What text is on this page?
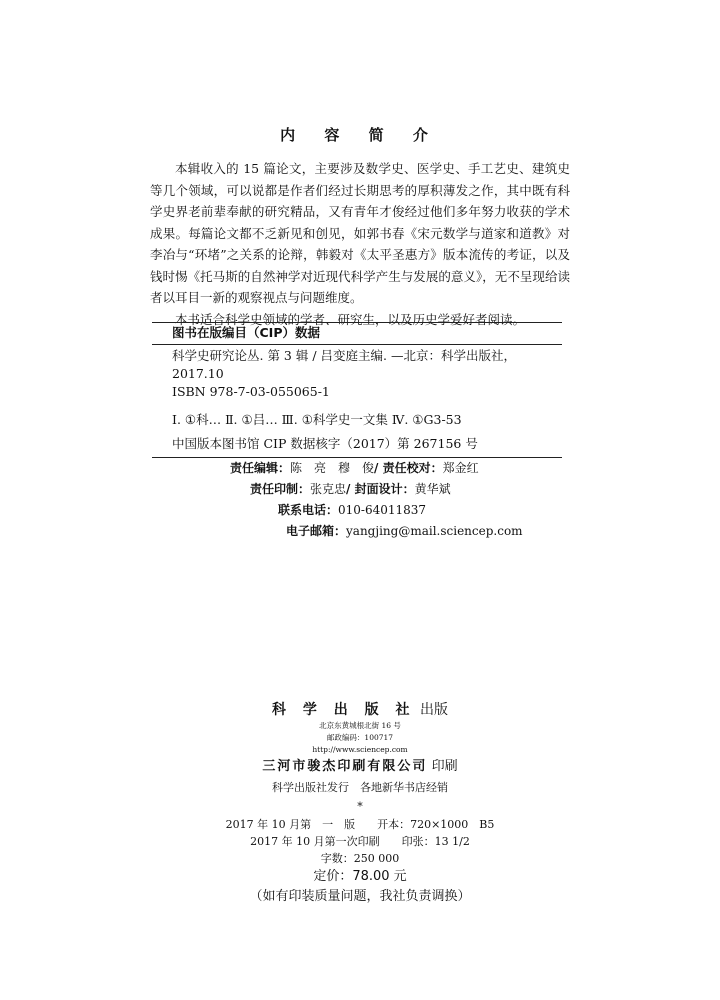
内 容 简 介

本辑收入的 15 篇论文，主要涉及数学史、医学史、手工艺史、建筑史等几个领域，可以说都是作者们经过长期思考的厚积薄发之作，其中既有科学史界老前辈奉献的研究精品，又有青年才俊经过他们多年努力收获的学术成果。每篇论文都不乏新见和创见，如郭书春《宋元数学与道家和道教》对李冶与“环堵”之关系的论辩，韩毅对《太平圣惠方》版本流传的考证，以及钱时惕《托马斯的自然神学对近现代科学产生与发展的意义》，无不呈现给读者以耳目一新的观察视点与问题维度。

本书适合科学史领域的学者、研究生，以及历史学爱好者阅读。

图书在版编目（CIP）数据
科学史研究论丛. 第 3 辑 / 吕变庭主编. —北京：科学出版社，
2017.10
ISBN 978-7-03-055065-1
Ⅰ. ①科… Ⅱ. ①吕… Ⅲ. ①科学史一文集 Ⅳ. ①G3-53
中国版本图书馆 CIP 数据核字（2017）第 267156 号
责任编辑：陈　亮　穆　俊/ 责任校对：郑金红
责任印制：张克忠/ 封面设计：黄华斌
联系电话：010-64011837
电子邮箱：yangjing@mail.sciencep.com
科 学 出 版 社 出版
北京东黄城根北街 16 号
邮政编码：100717
http://www.sciencep.com
三河市骏杰印刷有限公司 印刷
科学出版社发行　各地新华书店经销
*
2017 年 10 月第　一　版　　开本：720×1000　B5
2017 年 10 月第一次印刷　　印张：13 1/2
字数：250 000
定价：78.00 元
（如有印装质量问题，我社负责调换）
